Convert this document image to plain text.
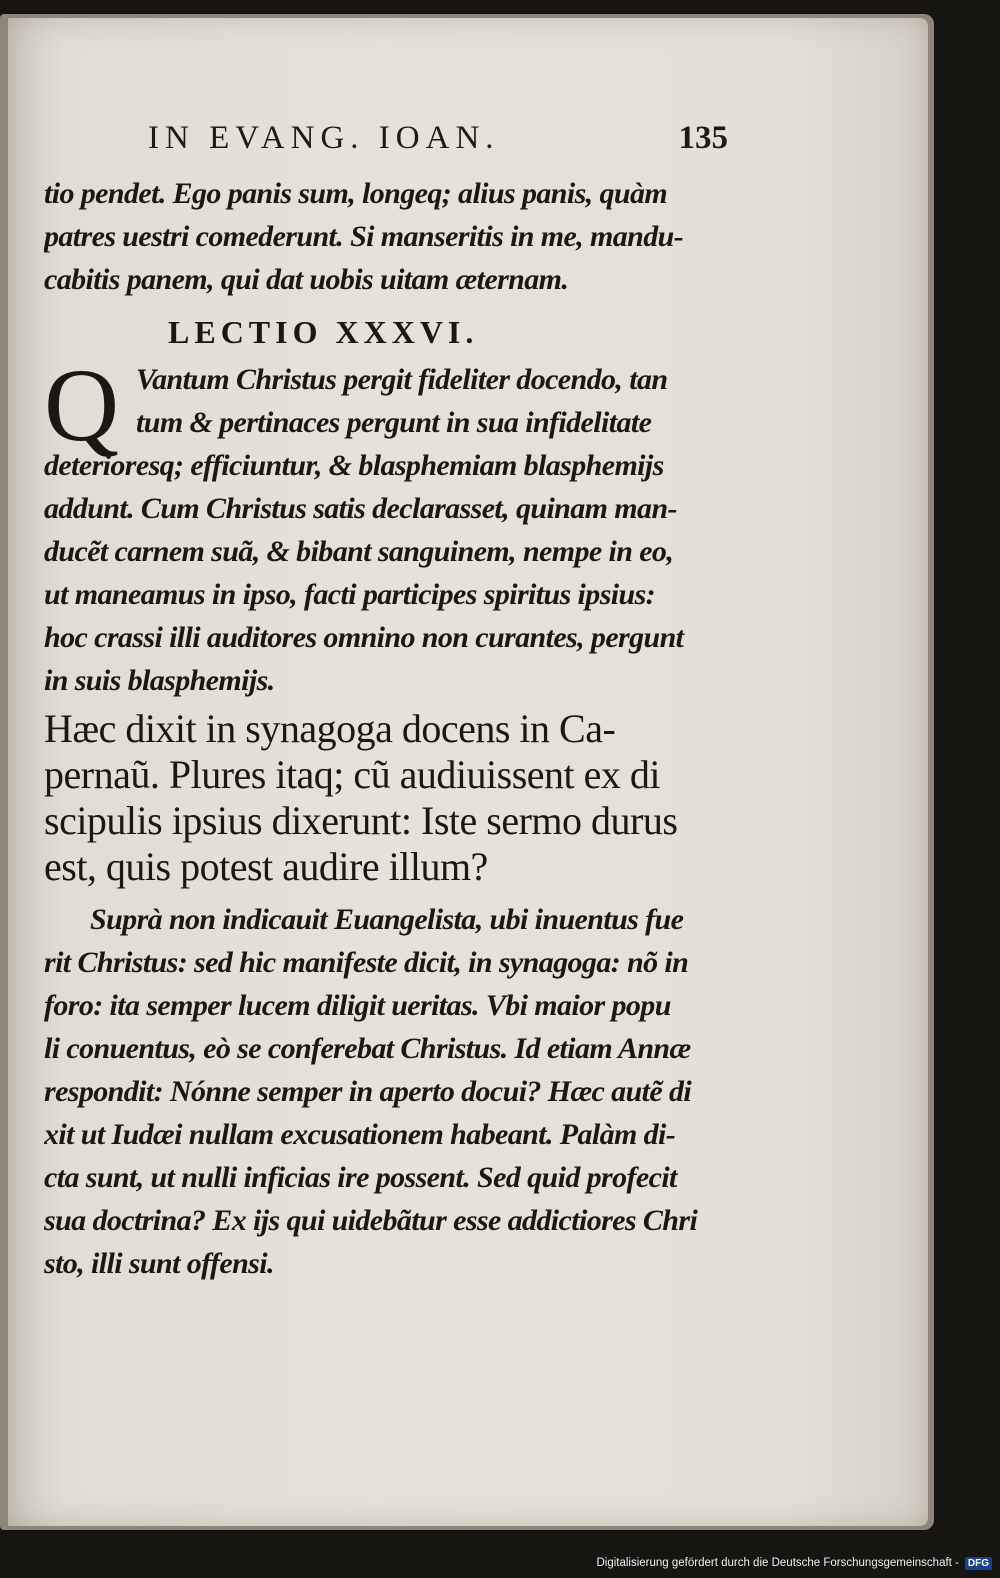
IN EVANG. IOAN.	135
tio pendet. Ego panis sum, longeq; alius panis, quàm
patres uestri comederunt. Si manseritis in me, mandu-
cabitis panem, qui dat uobis uitam æternam.
LECTIO XXXVI.
Q Vantum Christus pergit fideliter docendo, tan
tum & pertinaces pergunt in sua infidelitate
deterioresq; efficiuntur, & blasphemiam blasphemijs
addunt. Cum Christus satis declarasset, quinam man-
ducẽt carnem suã, & bibant sanguinem, nempe in eo,
ut maneamus in ipso, facti participes spiritus ipsius:
hoc crassi illi auditores omnino non curantes, pergunt
in suis blasphemijs.
Hæc dixit in synagoga docens in Ca-
pernaũ. Plures itaq; cũ audiuissent ex di
scipulis ipsius dixerunt: Iste sermo durus
est, quis potest audire illum?
Suprà non indicauit Euangelista, ubi inuentus fue
rit Christus: sed hic manifeste dicit, in synagoga: nõ in
foro: ita semper lucem diligit ueritas. Vbi maior popu
li conuentus, eò se conferebat Christus. Id etiam Annæ
respondit: Nónne semper in aperto docui? Hæc autẽ di
xit ut Iudæi nullam excusationem habeant. Palàm di-
cta sunt, ut nulli inficias ire possent. Sed quid profecit
sua doctrina? Ex ijs qui uidebãtur esse addictiores Chri
sto, illi sunt offensi.
Digitalisierung gefördert durch die Deutsche Forschungsgemeinschaft - DFG
